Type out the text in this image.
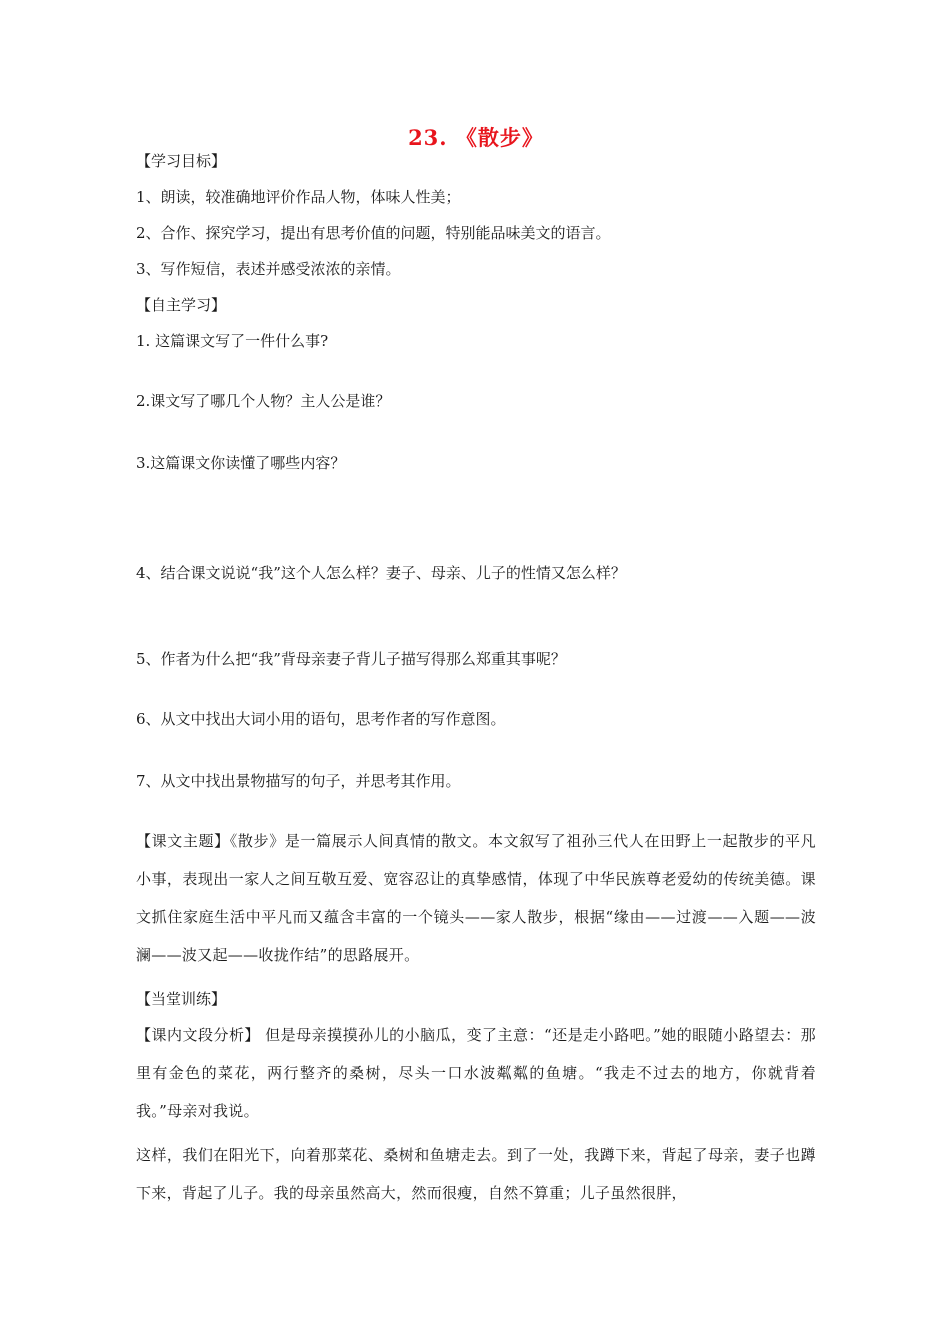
23. 《散步》
【学习目标】
1、朗读，较准确地评价作品人物，体味人性美；
2、合作、探究学习，提出有思考价值的问题，特别能品味美文的语言。
3、写作短信，表述并感受浓浓的亲情。
【自主学习】
1. 这篇课文写了一件什么事?
2.课文写了哪几个人物？主人公是谁？
3.这篇课文你读懂了哪些内容？
4、结合课文说说“我”这个人怎么样？妻子、母亲、儿子的性情又怎么样？
5、作者为什么把“我”背母亲妻子背儿子描写得那么郑重其事呢？
6、从文中找出大词小用的语句，思考作者的写作意图。
7、从文中找出景物描写的句子，并思考其作用。
【课文主题】《散步》是一篇展示人间真情的散文。本文叙写了祖孙三代人在田野上一起散步的平凡小事，表现出一家人之间互敬互爱、宽容忍让的真挚感情，体现了中华民族尊老爱幼的传统美德。课文抓住家庭生活中平凡而又蕴含丰富的一个镜头——家人散步，根据“缘由——过渡——入题——波澜——波又起——收拢作结”的思路展开。
【当堂训练】
【课内文段分析】 但是母亲摸摸孙儿的小脑瓜，变了主意：“还是走小路吧。”她的眼随小路望去：那里有金色的菜花，两行整齐的桑树，尽头一口水波粼粼的鱼塘。“我走不过去的地方，你就背着我。”母亲对我说。
这样，我们在阳光下，向着那菜花、桑树和鱼塘走去。到了一处，我蹲下来，背起了母亲，妻子也蹲下来，背起了儿子。我的母亲虽然高大，然而很瘦，自然不算重；儿子虽然很胖，
